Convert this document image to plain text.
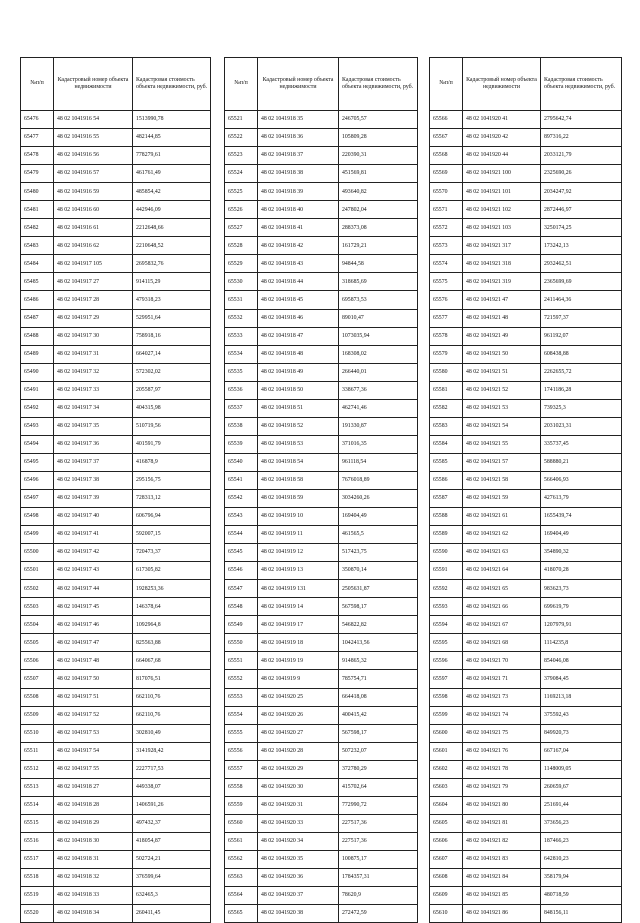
№п/п	Кадастровый номер объекта недвижимости	Кадастровая стоимость объекта недвижимости, руб.
65476	48 02 1041916 54	1513990,78
65477	48 02 1041916 55	482144,85
65478	48 02 1041916 56	778279,61
65479	48 02 1041916 57	461761,49
65480	48 02 1041916 59	485854,42
65481	48 02 1041916 60	442946,09
65482	48 02 1041916 61	2212648,66
65483	48 02 1041916 62	2210648,52
65484	48 02 1041917 105	2695832,76
65485	48 02 1041917 27	914115,29
65486	48 02 1041917 28	479318,23
65487	48 02 1041917 29	529951,64
65488	48 02 1041917 30	758918,16
65489	48 02 1041917 31	664027,14
65490	48 02 1041917 32	572302,02
65491	48 02 1041917 33	205587,97
65492	48 02 1041917 34	404315,98
65493	48 02 1041917 35	510719,56
65494	48 02 1041917 36	401591,79
65495	48 02 1041917 37	416878,9
65496	48 02 1041917 38	295156,75
65497	48 02 1041917 39	728313,12
65498	48 02 1041917 40	606796,94
65499	48 02 1041917 41	592007,15
65500	48 02 1041917 42	720473,37
65501	48 02 1041917 43	617305,82
65502	48 02 1041917 44	1928253,36
65503	48 02 1041917 45	146378,64
65504	48 02 1041917 46	1092964,8
65505	48 02 1041917 47	825563,88
65506	48 02 1041917 48	664067,68
65507	48 02 1041917 50	817076,51
65508	48 02 1041917 51	662110,76
65509	48 02 1041917 52	662110,76
65510	48 02 1041917 53	302810,49
65511	48 02 1041917 54	3141928,42
65512	48 02 1041917 55	2227717,53
65513	48 02 1041918 27	449338,07
65514	48 02 1041918 28	1406591,26
65515	48 02 1041918 29	497432,37
65516	48 02 1041918 30	418054,87
65517	48 02 1041918 31	502724,21
65518	48 02 1041918 32	376599,64
65519	48 02 1041918 33	632465,3
65520	48 02 1041918 34	260411,45
№п/п	Кадастровый номер объекта недвижимости	Кадастровая стоимость объекта недвижимости, руб.
65521	48 02 1041918 35	246705,57
65522	48 02 1041918 36	105809,28
65523	48 02 1041918 37	220390,31
65524	48 02 1041918 38	451569,81
65525	48 02 1041918 39	493640,82
65526	48 02 1041918 40	247802,04
65527	48 02 1041918 41	288373,08
65528	48 02 1041918 42	161729,21
65529	48 02 1041918 43	94844,58
65530	48 02 1041918 44	318685,69
65531	48 02 1041918 45	695873,53
65532	48 02 1041918 46	89010,47
65533	48 02 1041918 47	1073035,94
65534	48 02 1041918 48	168308,02
65535	48 02 1041918 49	266440,01
65536	48 02 1041918 50	338677,36
65537	48 02 1041918 51	462741,46
65538	48 02 1041918 52	191330,87
65539	48 02 1041918 53	371016,35
65540	48 02 1041918 54	961118,54
65541	48 02 1041918 58	7676018,89
65542	48 02 1041918 59	3034260,26
65543	48 02 1041919 10	169404,49
65544	48 02 1041919 11	461565,5
65545	48 02 1041919 12	517423,75
65546	48 02 1041919 13	350870,14
65547	48 02 1041919 131	2505631,87
65548	48 02 1041919 14	567598,17
65549	48 02 1041919 17	546822,82
65550	48 02 1041919 18	1042413,56
65551	48 02 1041919 19	914865,32
65552	48 02 1041919 9	785754,71
65553	48 02 1041920 25	664418,08
65554	48 02 1041920 26	400415,42
65555	48 02 1041920 27	567598,17
65556	48 02 1041920 28	507232,07
65557	48 02 1041920 29	372780,29
65558	48 02 1041920 30	415702,64
65559	48 02 1041920 31	772990,72
65560	48 02 1041920 33	227517,36
65561	48 02 1041920 34	227517,36
65562	48 02 1041920 35	100875,17
65563	48 02 1041920 36	1784357,31
65564	48 02 1041920 37	78620,9
65565	48 02 1041920 38	272472,59
№п/п	Кадастровый номер объекта недвижимости	Кадастровая стоимость объекта недвижимости, руб.
65566	48 02 1041920 41	2795642,74
65567	48 02 1041920 42	897316,22
65568	48 02 1041920 44	2033121,79
65569	48 02 1041921 100	2325690,26
65570	48 02 1041921 101	2034247,92
65571	48 02 1041921 102	2872446,97
65572	48 02 1041921 103	3250174,25
65573	48 02 1041921 317	173242,13
65574	48 02 1041921 318	2932462,51
65575	48 02 1041921 319	2365699,69
65576	48 02 1041921 47	2411464,36
65577	48 02 1041921 48	721597,37
65578	48 02 1041921 49	961192,07
65579	48 02 1041921 50	608438,88
65580	48 02 1041921 51	2262655,72
65581	48 02 1041921 52	1741186,28
65582	48 02 1041921 53	739325,3
65583	48 02 1041921 54	2031023,31
65584	48 02 1041921 55	335737,45
65585	48 02 1041921 57	588880,21
65586	48 02 1041921 58	566406,93
65587	48 02 1041921 59	427613,79
65588	48 02 1041921 61	1655439,74
65589	48 02 1041921 62	169404,49
65590	48 02 1041921 63	354890,32
65591	48 02 1041921 64	418070,28
65592	48 02 1041921 65	983623,73
65593	48 02 1041921 66	699619,79
65594	48 02 1041921 67	1207979,91
65595	48 02 1041921 68	1114235,8
65596	48 02 1041921 70	854046,08
65597	48 02 1041921 71	379084,45
65598	48 02 1041921 73	1169213,18
65599	48 02 1041921 74	375592,43
65600	48 02 1041921 75	849920,73
65601	48 02 1041921 76	667167,04
65602	48 02 1041921 78	1148009,05
65603	48 02 1041921 79	260659,67
65604	48 02 1041921 80	251691,44
65605	48 02 1041921 81	373656,23
65606	48 02 1041921 82	187466,23
65607	48 02 1041921 83	642810,23
65608	48 02 1041921 84	358179,94
65609	48 02 1041921 85	480718,59
65610	48 02 1041921 86	848156,11
